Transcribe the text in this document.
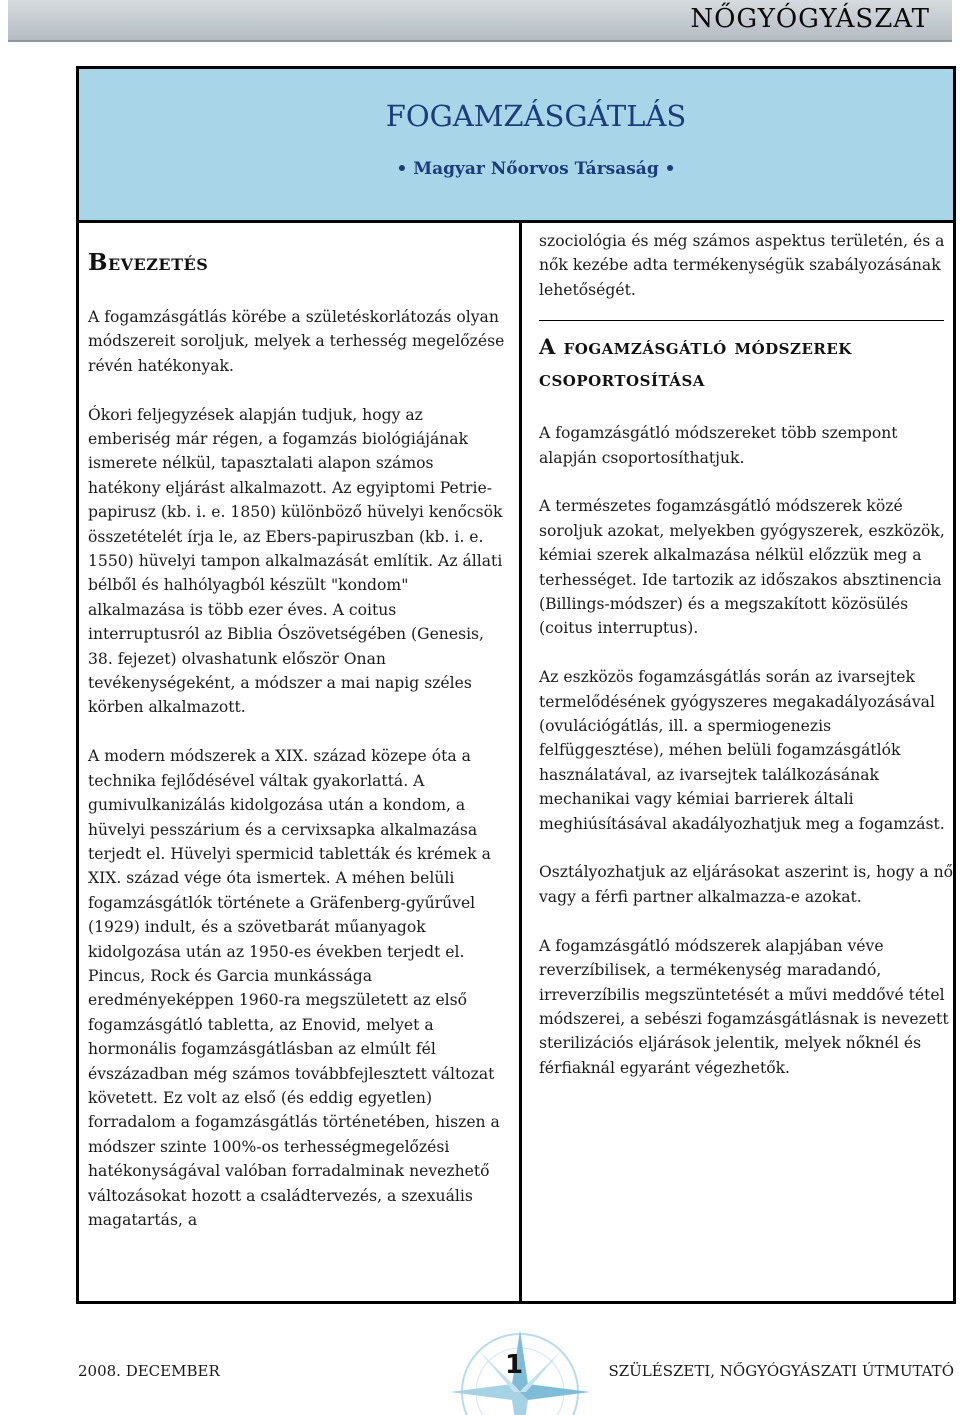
NŐGYÓGYÁSZAT
FOGAMZÁSGÁTLÁS
• Magyar Nőorvos Társaság •
Bevezetés

A fogamzásgátlás körébe a születéskorlátozás olyan módszereit soroljuk, melyek a terhesség megelőzése révén hatékonyak.

Ókori feljegyzések alapján tudjuk, hogy az emberiség már régen, a fogamzás biológiájának ismerete nélkül, tapasztalati alapon számos hatékony eljárást alkalmazott. Az egyiptomi Petrie-papirusz (kb. i. e. 1850) különböző hüvelyi kenőcsök összetételét írja le, az Ebers-papiruszban (kb. i. e. 1550) hüvelyi tampon alkalmazását említik. Az állati bélből és halhólyagból készült "kondom" alkalmazása is több ezer éves. A coitus interruptusról az Biblia Ószövetségében (Genesis, 38. fejezet) olvashatunk először Onan tevékenységeként, a módszer a mai napig széles körben alkalmazott.

A modern módszerek a XIX. század közepe óta a technika fejlődésével váltak gyakorlattá. A gumivulkanizálás kidolgozása után a kondom, a hüvelyi pesszárium és a cervixsapka alkalmazása terjedt el. Hüvelyi spermicid tabletták és krémek a XIX. század vége óta ismertek. A méhen belüli fogamzásgátlók története a Gräfenberg-gyűrűvel (1929) indult, és a szövetbarát műanyagok kidolgozása után az 1950-es években terjedt el. Pincus, Rock és Garcia munkássága eredményeképpen 1960-ra megszületett az első fogamzásgátló tabletta, az Enovid, melyet a hormonális fogamzásgátlásban az elmúlt fél évszázadban még számos továbbfejlesztett változat követett. Ez volt az első (és eddig egyetlen) forradalom a fogamzásgátlás történetében, hiszen a módszer szinte 100%-os terhességmegelőzési hatékonyságával valóban forradalminak nevezhető változásokat hozott a családtervezés, a szexuális magatartás, a

szociológia és még számos aspektus területén, és a nők kezébe adta termékenységük szabályozásának lehetőségét.

A fogamzásgátló módszerek csoportosítása

A fogamzásgátló módszereket több szempont alapján csoportosíthatjuk.

A természetes fogamzásgátló módszerek közé soroljuk azokat, melyekben gyógyszerek, eszközök, kémiai szerek alkalmazása nélkül előzzük meg a terhességet. Ide tartozik az időszakos absztinencia (Billings-módszer) és a megszakított közösülés (coitus interruptus).

Az eszközös fogamzásgátlás során az ivarsejtek termelődésének gyógyszeres megakadályozásával (ovulációgátlás, ill. a spermiogenezis felfüggesztése), méhen belüli fogamzásgátlók használatával, az ivarsejtek találkozásának mechanikai vagy kémiai barrierek általi meghiúsításával akadályozhatjuk meg a fogamzást.

Osztályozhatjuk az eljárásokat aszerint is, hogy a nő vagy a férfi partner alkalmazza-e azokat.

A fogamzásgátló módszerek alapjában véve reverzíbilisek, a termékenység maradandó, irreverzíbilis megszüntetését a művi meddővé tétel módszerei, a sebészi fogamzásgátlásnak is nevezett sterilizációs eljárások jelentik, melyek nőknél és férfiaknál egyaránt végezhetők.

2008. DECEMBER	1	SZÜLÉSZETI, NŐGYÓGYÁSZATI ÚTMUTATÓ
